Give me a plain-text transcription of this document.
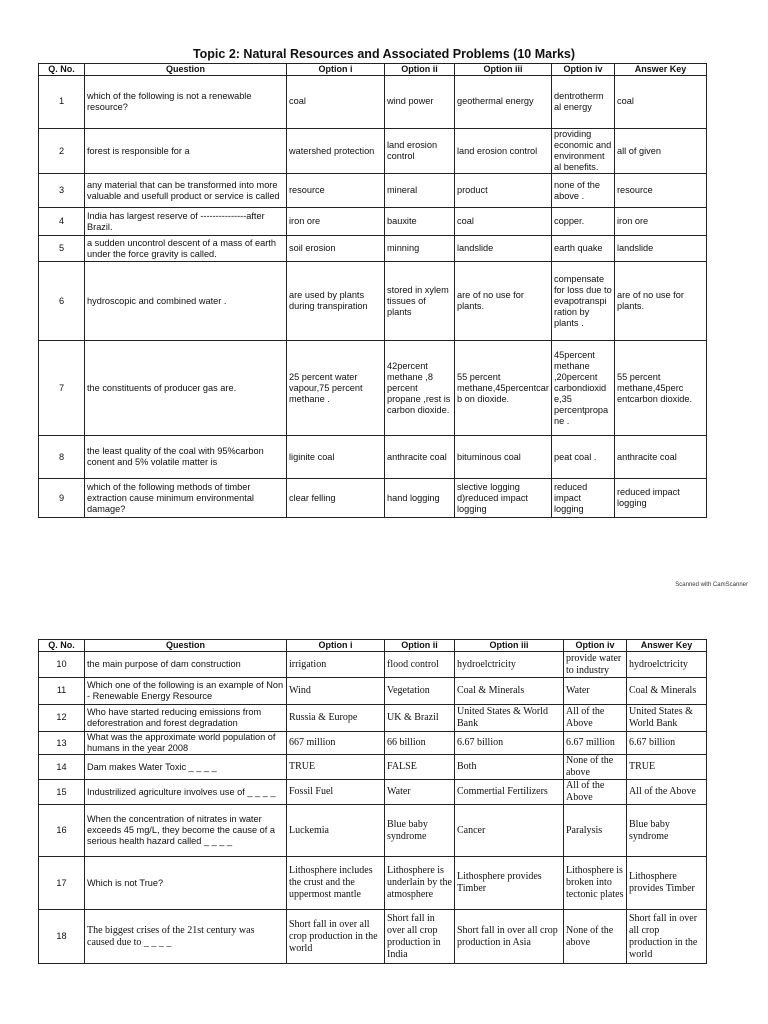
Topic 2: Natural Resources and Associated Problems (10 Marks)
Q. No.	Question	Option i	Option ii	Option iii	Option iv	Answer Key
1	which of the following is not a renewable resource?	coal	wind power	geothermal energy	dentrotherm al energy	coal
2	forest is responsible for a	watershed protection	land erosion control	land erosion control	providing economic and environment al benefits.	all of given
3	any material that can be transformed into more valuable and usefull product or service is called	resource	mineral	product	none of the above .	resource
4	India has largest reserve of ---------------after Brazil.	iron ore	bauxite	coal	copper.	iron ore
5	a sudden uncontrol descent of a mass of earth under the force gravity is called.	soil erosion	minning	landslide	earth quake	landslide
6	hydroscopic and combined water .	are used by plants during transpiration	stored in xylem tissues of plants	are of no use for plants.	compensate for loss due to evapotranspi ration by plants .	are of no use for plants.
7	the constituents of producer gas are.	25 percent water vapour,75 percent methane .	42percent methane ,8 percent propane ,rest is carbon dioxide.	55 percent methane,45percentcarb on dioxide.	45percent methane ,20percent carbondioxid e,35 percentpropa ne .	55 percent methane,45perc entcarbon dioxide.
8	the least quality of the coal with 95%carbon conent and 5% volatile matter is	liginite coal	anthracite coal	bituminous coal	peat coal .	anthracite coal
9	which of the following methods of timber extraction cause minimum environmental damage?	clear felling	hand logging	slective logging d)reduced impact logging	reduced impact logging	reduced impact logging
Scanned with CamScanner
Q. No.	Question	Option i	Option ii	Option iii	Option iv	Answer Key
10	the main purpose of dam construction	irrigation	flood control	hydroelctricity	provide water to industry	hydroelctricity
11	Which one of the following is an example of Non - Renewable Energy Resource	Wind	Vegetation	Coal & Minerals	Water	Coal & Minerals
12	Who have started reducing emissions from deforestration and forest degradation	Russia & Europe	UK & Brazil	United States & World Bank	All of the Above	United States & World Bank
13	What was the approximate world population of humans in the year 2008	667 million	66 billion	6.67 billion	6.67 million	6.67 billion
14	Dam makes Water Toxic _ _ _ _	TRUE	FALSE	Both	None of the above	TRUE
15	Industrilized agriculture involves use of _ _ _ _	Fossil Fuel	Water	Commertial Fertilizers	All of the Above	All of the Above
16	When the concentration of nitrates in water exceeds 45 mg/L, they become the cause of a serious health hazard called _ _ _ _	Luckemia	Blue baby syndrome	Cancer	Paralysis	Blue baby syndrome
17	Which is not True?	Lithosphere includes the crust and the uppermost mantle	Lithosphere is underlain by the atmosphere	Lithosphere provides Timber	Lithosphere is broken into tectonic plates	Lithosphere provides Timber
18	The biggest crises of the 21st century was caused due to _ _ _ _	Short fall in over all crop production in the world	Short fall in over all crop production in India	Short fall in over all crop production in Asia	None of the above	Short fall in over all crop production in the world
